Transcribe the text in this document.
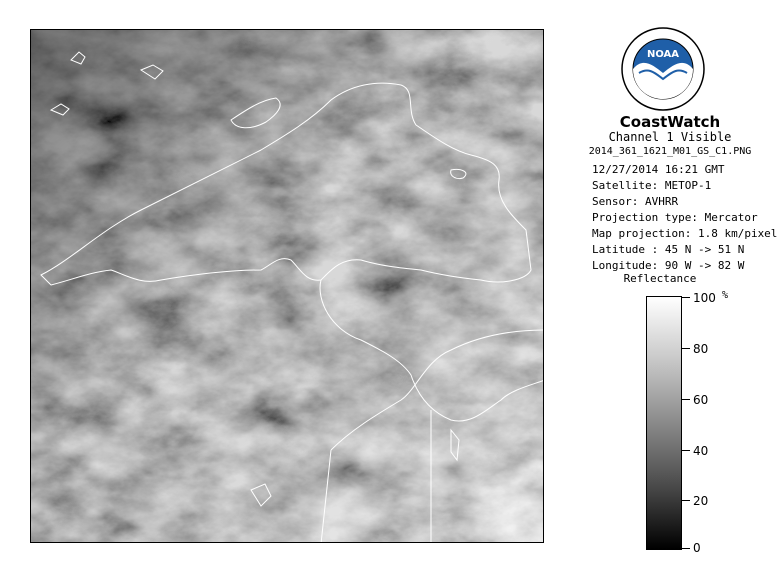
NOAA
CoastWatch
Channel 1 Visible
2014_361_1621_M01_GS_C1.PNG
12/27/2014 16:21 GMT
Satellite: METOP-1
Sensor: AVHRR
Projection type: Mercator
Map projection: 1.8 km/pixel
Latitude : 45 N -> 51 N
Longitude: 90 W -> 82 W
Reflectance
%
100
80
60
40
20
0
